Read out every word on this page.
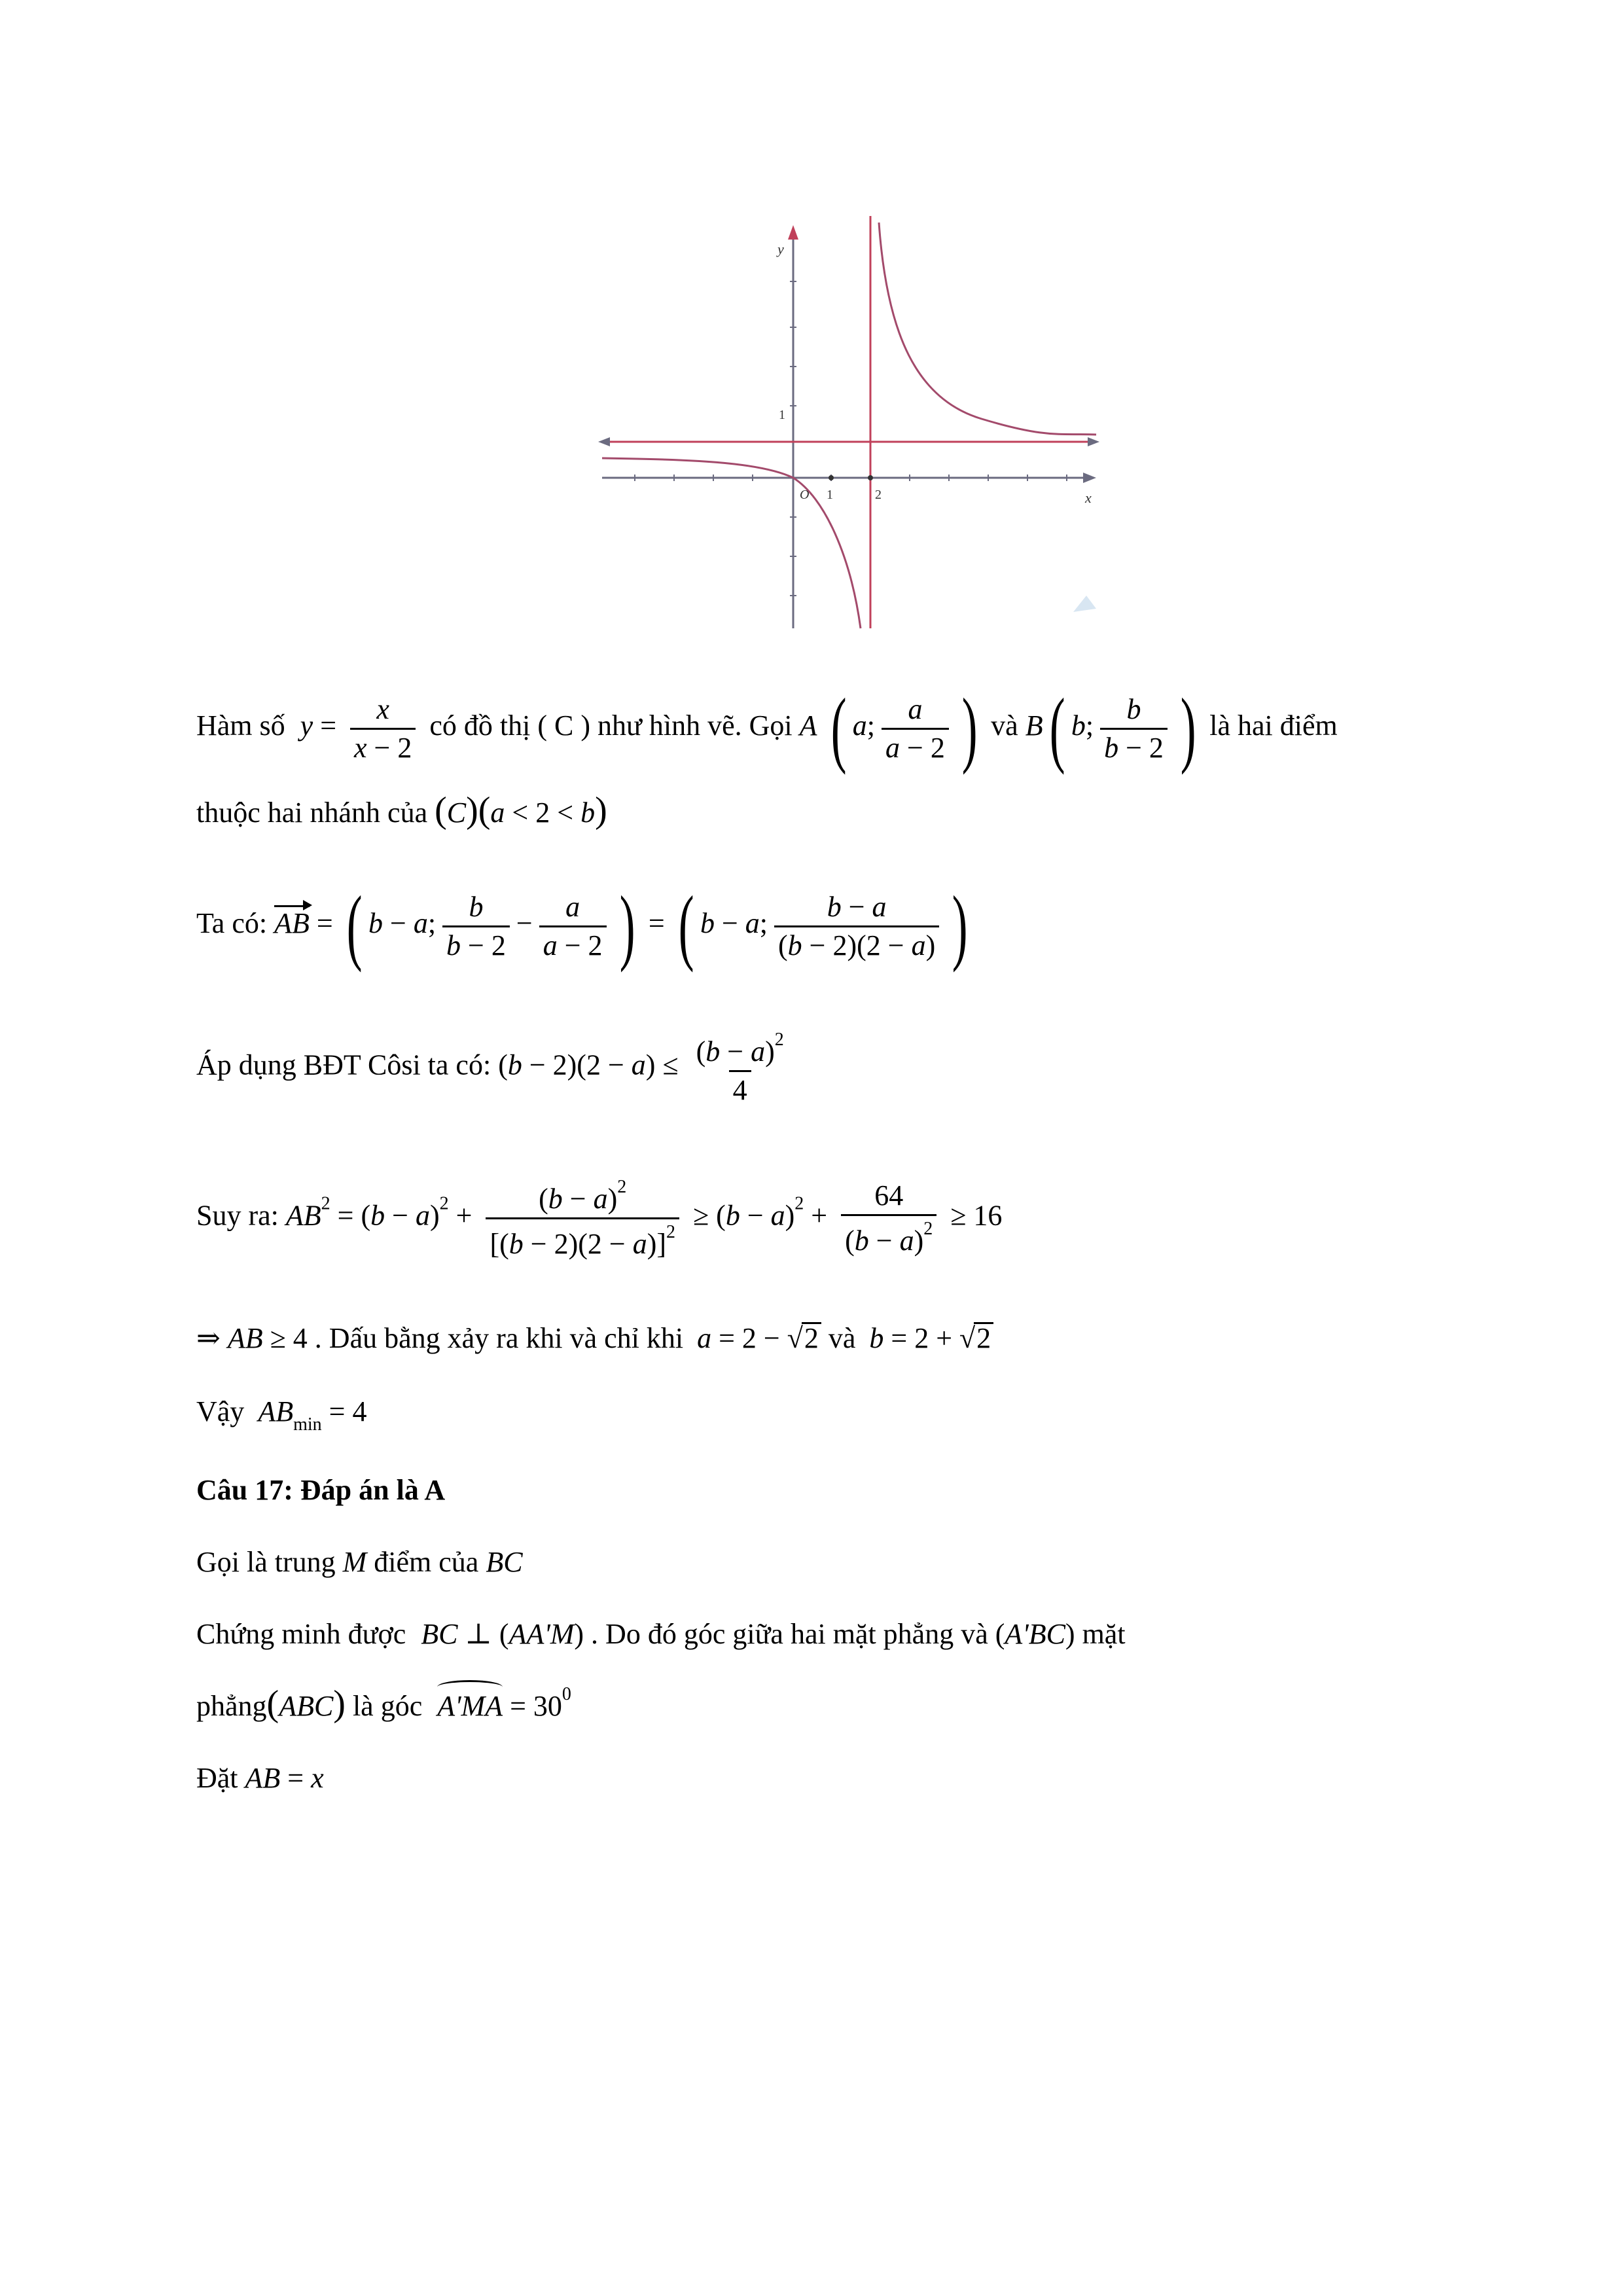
y
x
O 1	2
1
Hàm số $y = \frac{x}{x - 2}$ có đồ thị ( C ) như hình vẽ. Gọi A ( a; $\frac{a}{a - 2}$ ) và B( b; $\frac{b}{b - 2}$ ) là hai điểm
thuộc hai nhánh của (C)(a < 2 < b)
Ta có: AB = ( b − a; $\frac{b}{b - 2} - \frac{a}{a - 2}$ ) = ( b − a; $\frac{b - a}{(b - 2)(2 - a)}$ )
Áp dụng BĐT Côsi ta có: $(b - 2)(2 - a) \le \frac{(b - a)^2}{4}$
Suy ra: $AB^2 = (b - a)^2 + \frac{(b - a)^2}{[(b - 2)(2 - a)]^2} \ge (b - a)^2 + \frac{64}{(b - a)^2} \ge 16$
⇒ AB ≥ 4 . Dấu bằng xảy ra khi và chỉ khi a = 2 − √2 và b = 2 + √2
Vậy $AB_{min} = 4$
Câu 17: Đáp án là A
Gọi là trung M điểm của BC
Chứng minh được BC ⊥ (AA'M) . Do đó góc giữa hai mặt phẳng và (A'BC) mặt
phẳng(ABC) là góc $A'MA = 30^0$
Đặt AB = x
